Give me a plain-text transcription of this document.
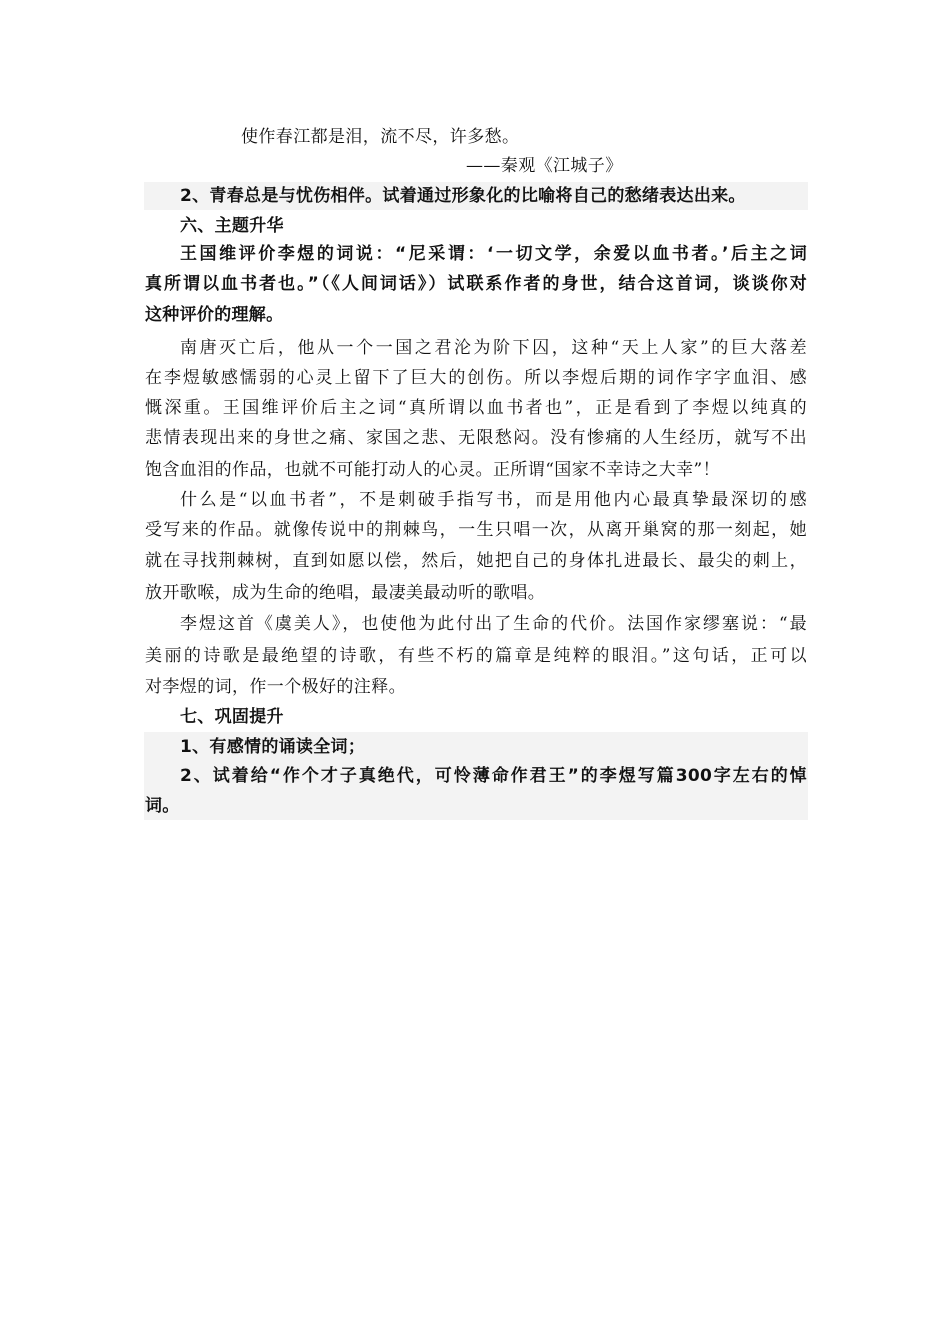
使作春江都是泪，流不尽，许多愁。
——秦观《江城子》
2、青春总是与忧伤相伴。试着通过形象化的比喻将自己的愁绪表达出来。
六、主题升华
王国维评价李煜的词说：“尼采谓：‘一切文学，余爱以血书者。’后主之词
真所谓以血书者也。”（《人间词话》）试联系作者的身世，结合这首词，谈谈你对
这种评价的理解。
南唐灭亡后，他从一个一国之君沦为阶下囚，这种“天上人家”的巨大落差
在李煜敏感懦弱的心灵上留下了巨大的创伤。所以李煜后期的词作字字血泪、感
慨深重。王国维评价后主之词“真所谓以血书者也”，正是看到了李煜以纯真的
悲情表现出来的身世之痛、家国之悲、无限愁闷。没有惨痛的人生经历，就写不出
饱含血泪的作品，也就不可能打动人的心灵。正所谓“国家不幸诗之大幸”！
什么是“以血书者”，不是刺破手指写书，而是用他内心最真挚最深切的感
受写来的作品。就像传说中的荆棘鸟，一生只唱一次，从离开巢窝的那一刻起，她
就在寻找荆棘树，直到如愿以偿，然后，她把自己的身体扎进最长、最尖的刺上，
放开歌喉，成为生命的绝唱，最凄美最动听的歌唱。
李煜这首《虞美人》，也使他为此付出了生命的代价。法国作家缪塞说：“最
美丽的诗歌是最绝望的诗歌，有些不朽的篇章是纯粹的眼泪。”这句话，正可以
对李煜的词，作一个极好的注释。
七、巩固提升
1、有感情的诵读全词；
2、试着给“作个才子真绝代，可怜薄命作君王”的李煜写篇300字左右的悼
词。
